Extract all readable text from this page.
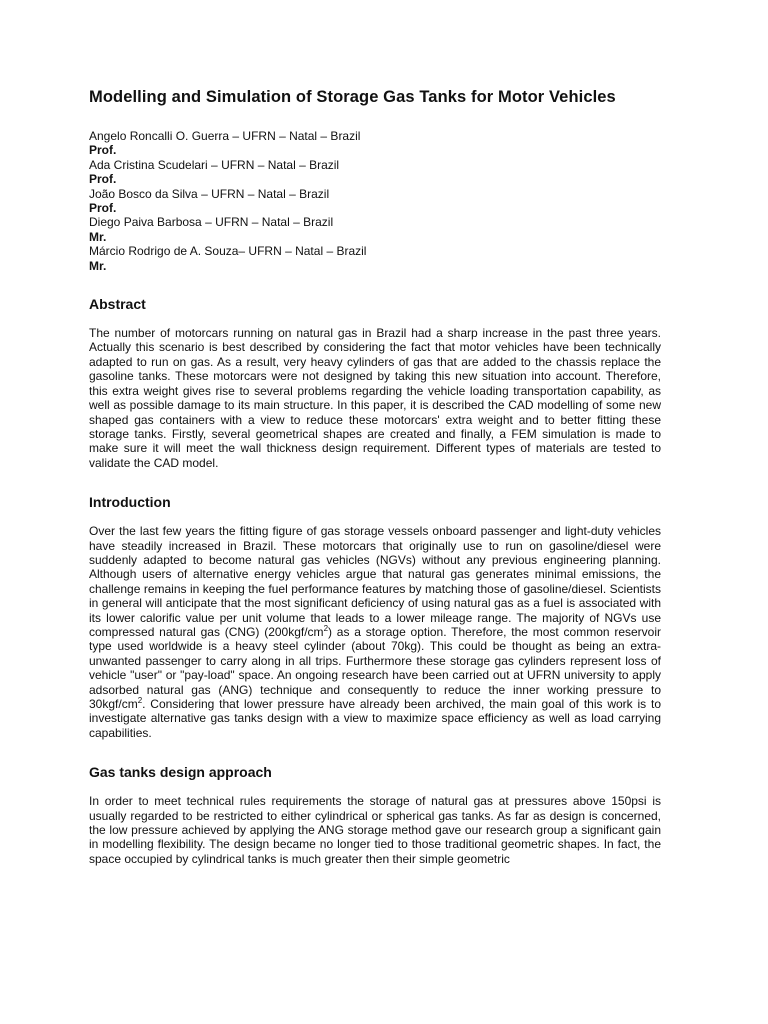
Modelling and Simulation of Storage Gas Tanks for Motor Vehicles
Angelo Roncalli O. Guerra – UFRN – Natal – Brazil
Prof.
Ada Cristina Scudelari – UFRN – Natal – Brazil
Prof.
João Bosco da Silva – UFRN – Natal – Brazil
Prof.
Diego Paiva Barbosa – UFRN – Natal – Brazil
Mr.
Márcio Rodrigo de A. Souza– UFRN – Natal – Brazil
Mr.
Abstract

The number of motorcars running on natural gas in Brazil had a sharp increase in the past three years. Actually this scenario is best described by considering the fact that motor vehicles have been technically adapted to run on gas. As a result, very heavy cylinders of gas that are added to the chassis replace the gasoline tanks. These motorcars were not designed by taking this new situation into account. Therefore, this extra weight gives rise to several problems regarding the vehicle loading transportation capability, as well as possible damage to its main structure. In this paper, it is described the CAD modelling of some new shaped gas containers with a view to reduce these motorcars' extra weight and to better fitting these storage tanks. Firstly, several geometrical shapes are created and finally, a FEM simulation is made to make sure it will meet the wall thickness design requirement. Different types of materials are tested to validate the CAD model.

Introduction

Over the last few years the fitting figure of gas storage vessels onboard passenger and light-duty vehicles have steadily increased in Brazil. These motorcars that originally use to run on gasoline/diesel were suddenly adapted to become natural gas vehicles (NGVs) without any previous engineering planning. Although users of alternative energy vehicles argue that natural gas generates minimal emissions, the challenge remains in keeping the fuel performance features by matching those of gasoline/diesel. Scientists in general will anticipate that the most significant deficiency of using natural gas as a fuel is associated with its lower calorific value per unit volume that leads to a lower mileage range. The majority of NGVs use compressed natural gas (CNG) $(200kgf/cm^2)$ as a storage option. Therefore, the most common reservoir type used worldwide is a heavy steel cylinder (about 70kg). This could be thought as being an extra-unwanted passenger to carry along in all trips. Furthermore these storage gas cylinders represent loss of vehicle "user" or "pay-load" space. An ongoing research have been carried out at UFRN university to apply adsorbed natural gas (ANG) technique and consequently to reduce the inner working pressure to $30kgf/cm^2$. Considering that lower pressure have already been archived, the main goal of this work is to investigate alternative gas tanks design with a view to maximize space efficiency as well as load carrying capabilities.

Gas tanks design approach

In order to meet technical rules requirements the storage of natural gas at pressures above 150psi is usually regarded to be restricted to either cylindrical or spherical gas tanks. As far as design is concerned, the low pressure achieved by applying the ANG storage method gave our research group a significant gain in modelling flexibility. The design became no longer tied to those traditional geometric shapes. In fact, the space occupied by cylindrical tanks is much greater then their simple geometric
